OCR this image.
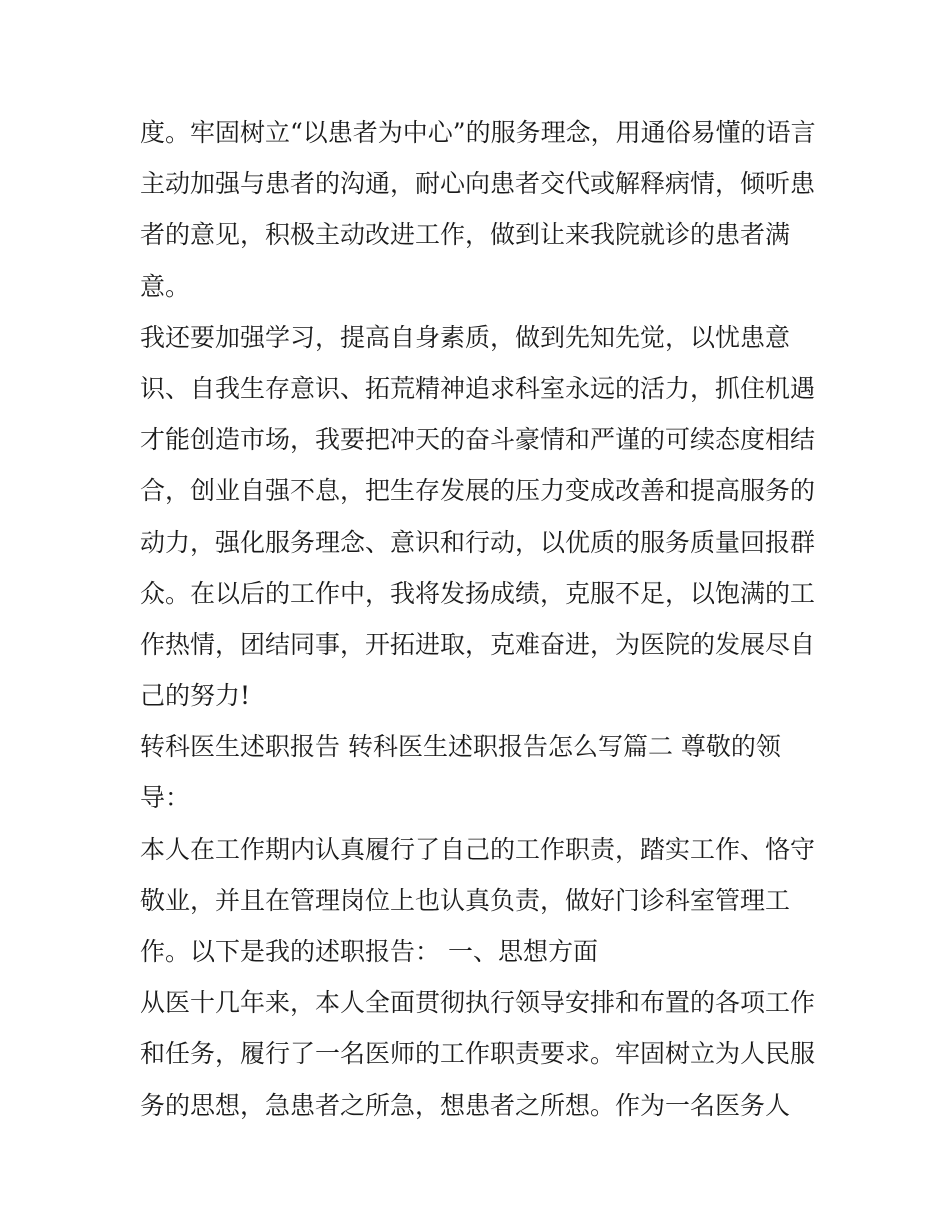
度。牢固树立“以患者为中心”的服务理念，用通俗易懂的语言
主动加强与患者的沟通，耐心向患者交代或解释病情，倾听患
者的意见，积极主动改进工作，做到让来我院就诊的患者满
意。
我还要加强学习，提高自身素质，做到先知先觉，以忧患意
识、自我生存意识、拓荒精神追求科室永远的活力，抓住机遇
才能创造市场，我要把冲天的奋斗豪情和严谨的可续态度相结
合，创业自强不息，把生存发展的压力变成改善和提高服务的
动力，强化服务理念、意识和行动，以优质的服务质量回报群
众。在以后的工作中，我将发扬成绩，克服不足，以饱满的工
作热情，团结同事，开拓进取，克难奋进，为医院的发展尽自
己的努力!
转科医生述职报告 转科医生述职报告怎么写篇二 尊敬的领
导：
本人在工作期内认真履行了自己的工作职责，踏实工作、恪守
敬业，并且在管理岗位上也认真负责，做好门诊科室管理工
作。以下是我的述职报告： 一、思想方面
从医十几年来，本人全面贯彻执行领导安排和布置的各项工作
和任务，履行了一名医师的工作职责要求。牢固树立为人民服
务的思想，急患者之所急，想患者之所想。作为一名医务人
